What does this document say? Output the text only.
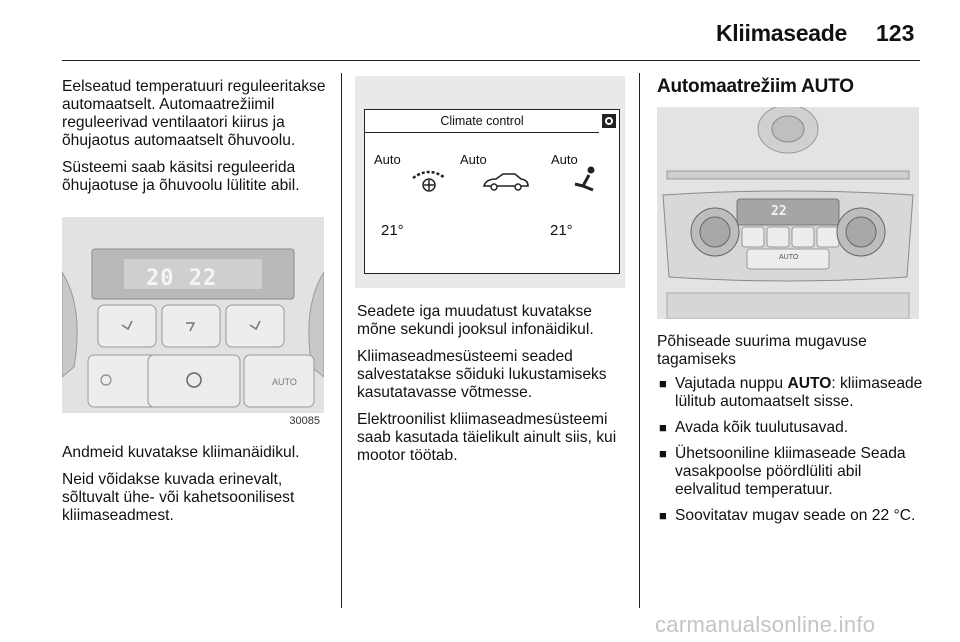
Kliimaseade 123

Eelseatud temperatuuri reguleeritakse automaatselt. Automaatrežiimil reguleerivad ventilaatori kiirus ja õhujaotus automaatselt õhuvoolu.

Süsteemi saab käsitsi reguleerida õhujaotuse ja õhuvoolu lülitite abil.

AUTO
20 22
30085

Andmeid kuvatakse kliimanäidikul.

Neid võidakse kuvada erinevalt, sõltuvalt ühe- või kahetsoonilisest kliimaseadmest.

Climate control
Auto	Auto	Auto
21°	21°

Seadete iga muudatust kuvatakse mõne sekundi jooksul infonäidikul.

Kliimaseadmesüsteemi seaded salvestatakse sõiduki lukustamiseks kasutatavasse võtmesse.

Elektroonilist kliimaseadmesüsteemi saab kasutada täielikult ainult siis, kui mootor töötab.

Automaatrežiim AUTO
22
AUTO

Põhiseade suurima mugavuse tagamiseks

■ Vajutada nuppu AUTO: kliimaseade lülitub automaatselt sisse.
■ Avada kõik tuulutusavad.
■ Ühetsooniline kliimaseade Seada vasakpoolse pöördlüliti abil eelvalitud temperatuur.
■ Soovitatav mugav seade on 22 °C.
carmanualsonline.info
